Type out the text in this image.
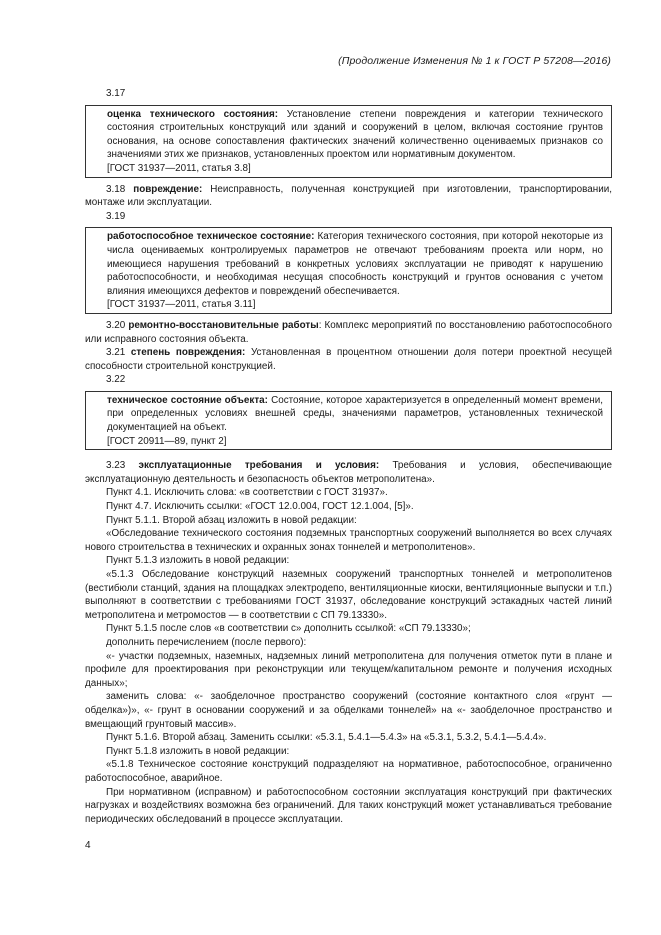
(Продолжение Изменения № 1 к ГОСТ Р 57208—2016)

3.17

оценка технического состояния: Установление степени повреждения и категории технического состояния строительных конструкций или зданий и сооружений в целом, включая состояние грунтов основания, на основе сопоставления фактических значений количественно оцениваемых признаков со значениями этих же признаков, установленных проектом или нормативным документом.

[ГОСТ 31937—2011, статья 3.8]

3.18 повреждение: Неисправность, полученная конструкцией при изготовлении, транспортировании, монтаже или эксплуатации.

3.19

работоспособное техническое состояние: Категория технического состояния, при которой некоторые из числа оцениваемых контролируемых параметров не отвечают требованиям проекта или норм, но имеющиеся нарушения требований в конкретных условиях эксплуатации не приводят к нарушению работоспособности, и необходимая несущая способность конструкций и грунтов основания с учетом влияния имеющихся дефектов и повреждений обеспечивается.

[ГОСТ 31937—2011, статья 3.11]

3.20 ремонтно-восстановительные работы: Комплекс мероприятий по восстановлению работоспособного или исправного состояния объекта.

3.21 степень повреждения: Установленная в процентном отношении доля потери проектной несущей способности строительной конструкцией.

3.22

техническое состояние объекта: Состояние, которое характеризуется в определенный момент времени, при определенных условиях внешней среды, значениями параметров, установленных технической документацией на объект.

[ГОСТ 20911—89, пункт 2]

3.23 эксплуатационные требования и условия: Требования и условия, обеспечивающие эксплуатационную деятельность и безопасность объектов метрополитена».

Пункт 4.1. Исключить слова: «в соответствии с ГОСТ 31937».

Пункт 4.7. Исключить ссылки: «ГОСТ 12.0.004, ГОСТ 12.1.004, [5]».

Пункт 5.1.1. Второй абзац изложить в новой редакции:

«Обследование технического состояния подземных транспортных сооружений выполняется во всех случаях нового строительства в технических и охранных зонах тоннелей и метрополитенов».

Пункт 5.1.3 изложить в новой редакции:

«5.1.3 Обследование конструкций наземных сооружений транспортных тоннелей и метрополитенов (вестибюли станций, здания на площадках электродепо, вентиляционные киоски, вентиляционные выпуски и т.п.) выполняют в соответствии с требованиями ГОСТ 31937, обследование конструкций эстакадных частей линий метрополитена и метромостов — в соответствии с СП 79.13330».

Пункт 5.1.5 после слов «в соответствии с» дополнить ссылкой: «СП 79.13330»;

дополнить перечислением (после первого):

«- участки подземных, наземных, надземных линий метрополитена для получения отметок пути в плане и профиле для проектирования при реконструкции или текущем/капитальном ремонте и получения исходных данных»;

заменить слова: «- заобделочное пространство сооружений (состояние контактного слоя «грунт — обделка»)», «- грунт в основании сооружений и за обделками тоннелей» на «- заобделочное пространство и вмещающий грунтовый массив».

Пункт 5.1.6. Второй абзац. Заменить ссылки: «5.3.1, 5.4.1—5.4.3» на «5.3.1, 5.3.2, 5.4.1—5.4.4».

Пункт 5.1.8 изложить в новой редакции:

«5.1.8 Техническое состояние конструкций подразделяют на нормативное, работоспособное, ограниченно работоспособное, аварийное.

При нормативном (исправном) и работоспособном состоянии эксплуатация конструкций при фактических нагрузках и воздействиях возможна без ограничений. Для таких конструкций может устанавливаться требование периодических обследований в процессе эксплуатации.

4
